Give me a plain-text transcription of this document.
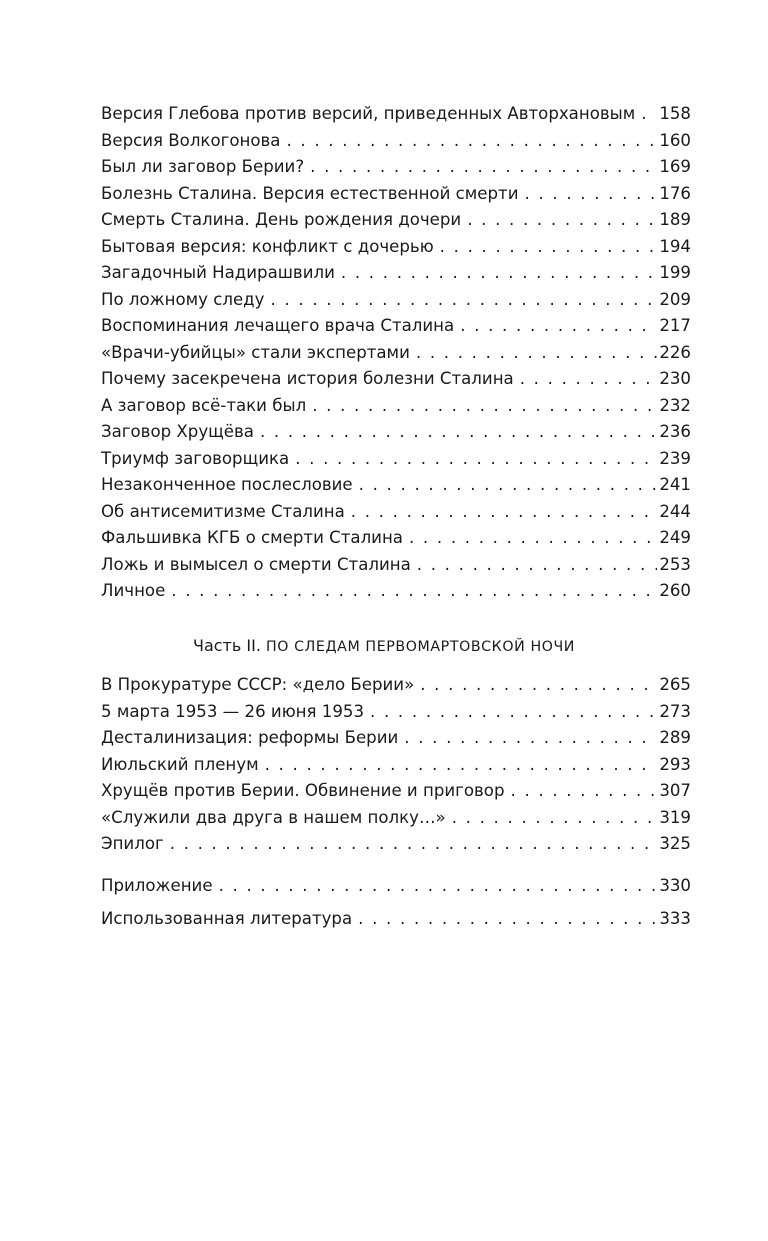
Версия Глебова против версий, приведенных Авторхановым . . .	158
Версия Волкогонова . . .	160
Был ли заговор Берии? . . .	169
Болезнь Сталина. Версия естественной смерти . . .	176
Смерть Сталина. День рождения дочери . . .	189
Бытовая версия: конфликт с дочерью . . .	194
Загадочный Надирашвили . . .	199
По ложному следу . . .	209
Воспоминания лечащего врача Сталина . . .	217
«Врачи-убийцы» стали экспертами . . .	226
Почему засекречена история болезни Сталина . . .	230
А заговор всё-таки был . . .	232
Заговор Хрущёва . . .	236
Триумф заговорщика . . .	239
Незаконченное послесловие . . .	241
Об антисемитизме Сталина . . .	244
Фальшивка КГБ о смерти Сталина . . .	249
Ложь и вымысел о смерти Сталина . . .	253
Личное . . .	260
Часть II. ПО СЛЕДАМ ПЕРВОМАРТОВСКОЙ НОЧИ
В Прокуратуре СССР: «дело Берии» . . .	265
5 марта 1953 — 26 июня 1953 . . .	273
Десталинизация: реформы Берии . . .	289
Июльский пленум . . .	293
Хрущёв против Берии. Обвинение и приговор . . .	307
«Служили два друга в нашем полку…» . . .	319
Эпилог . . .	325
Приложение . . .	330
Использованная литература . . .	333
